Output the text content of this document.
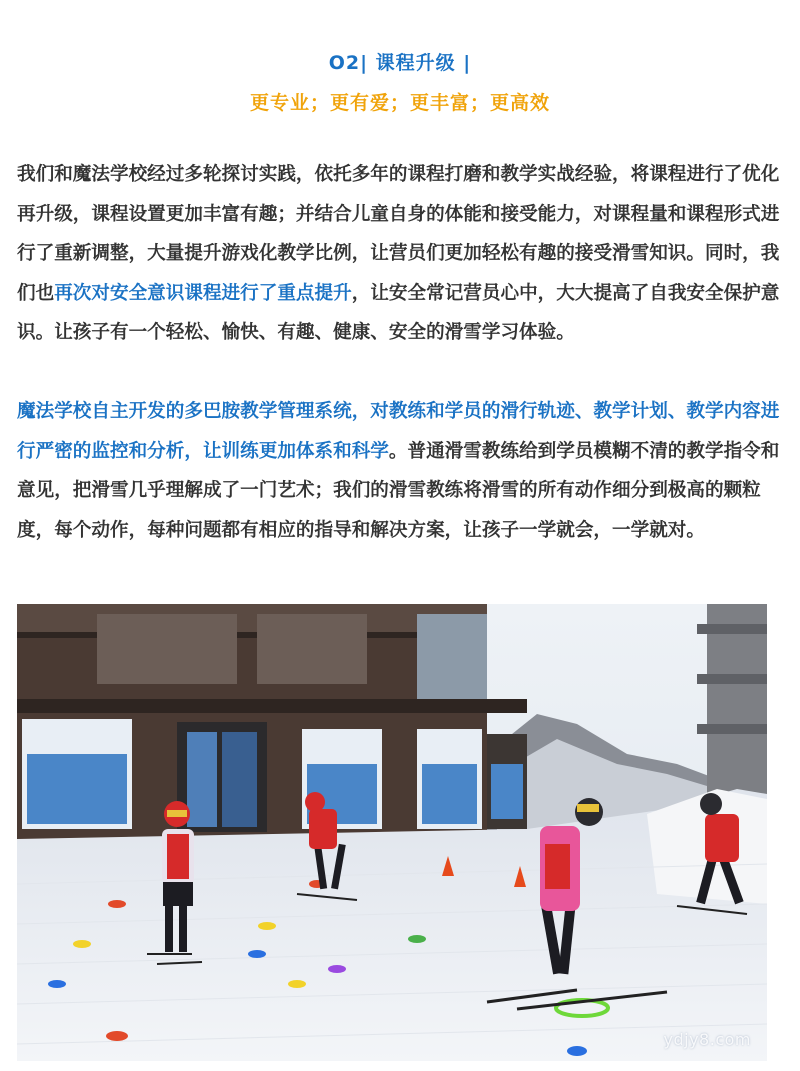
O2| 课程升级 |
更专业；更有爱；更丰富；更高效

我们和魔法学校经过多轮探讨实践，依托多年的课程打磨和教学实战经验，将课程进行了优化再升级，课程设置更加丰富有趣；并结合儿童自身的体能和接受能力，对课程量和课程形式进行了重新调整，大量提升游戏化教学比例，让营员们更加轻松有趣的接受滑雪知识。同时，我们也再次对安全意识课程进行了重点提升，让安全常记营员心中，大大提高了自我安全保护意识。让孩子有一个轻松、愉快、有趣、健康、安全的滑雪学习体验。

魔法学校自主开发的多巴胺教学管理系统，对教练和学员的滑行轨迹、教学计划、教学内容进行严密的监控和分析，让训练更加体系和科学。普通滑雪教练给到学员模糊不清的教学指令和意见，把滑雪几乎理解成了一门艺术；我们的滑雪教练将滑雪的所有动作细分到极高的颗粒度，每个动作，每种问题都有相应的指导和解决方案，让孩子一学就会，一学就对。

ydjy8.com
